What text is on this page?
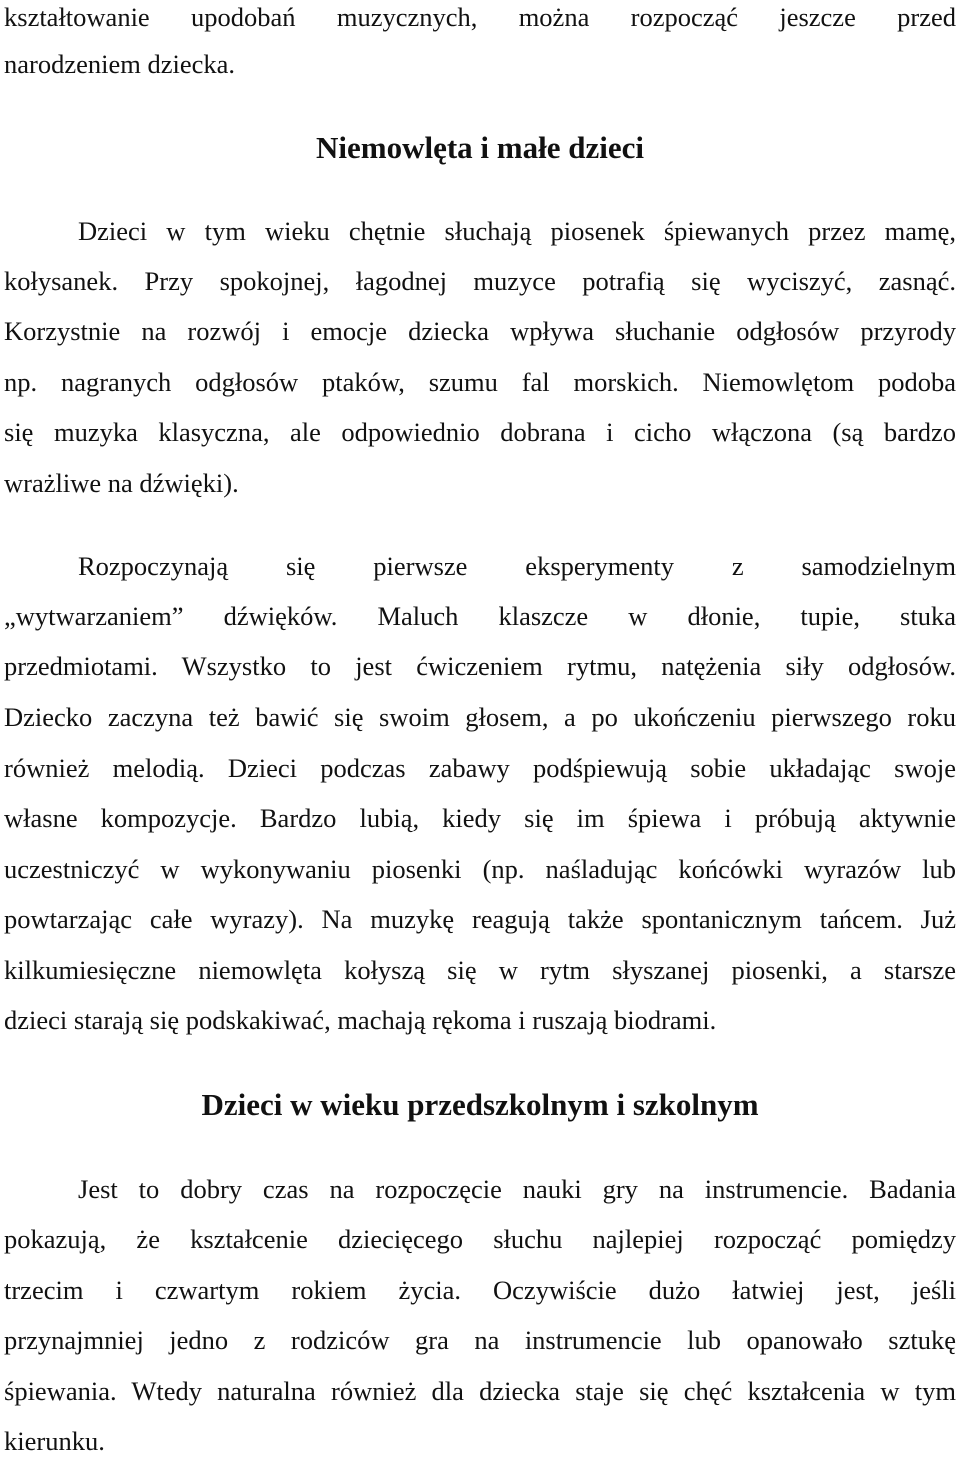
kształtowanie upodobań muzycznych, można rozpocząć jeszcze przed
narodzeniem dziecka.
Niemowlęta i małe dzieci
Dzieci w tym wieku chętnie słuchają piosenek śpiewanych przez mamę,
kołysanek. Przy spokojnej, łagodnej muzyce potrafią się wyciszyć, zasnąć.
Korzystnie na rozwój i emocje dziecka wpływa słuchanie odgłosów przyrody
np. nagranych odgłosów ptaków, szumu fal morskich. Niemowlętom podoba
się muzyka klasyczna, ale odpowiednio dobrana i cicho włączona (są bardzo
wrażliwe na dźwięki).
Rozpoczynają się pierwsze eksperymenty z samodzielnym
„wytwarzaniem” dźwięków. Maluch klaszcze w dłonie, tupie, stuka
przedmiotami. Wszystko to jest ćwiczeniem rytmu, natężenia siły odgłosów.
Dziecko zaczyna też bawić się swoim głosem, a po ukończeniu pierwszego roku
również melodią. Dzieci podczas zabawy podśpiewują sobie układając swoje
własne kompozycje. Bardzo lubią, kiedy się im śpiewa i próbują aktywnie
uczestniczyć w wykonywaniu piosenki (np. naśladując końcówki wyrazów lub
powtarzając całe wyrazy). Na muzykę reagują także spontanicznym tańcem. Już
kilkumiesięczne niemowlęta kołyszą się w rytm słyszanej piosenki, a starsze
dzieci starają się podskakiwać, machają rękoma i ruszają biodrami.
Dzieci w wieku przedszkolnym i szkolnym
Jest to dobry czas na rozpoczęcie nauki gry na instrumencie. Badania
pokazują, że kształcenie dziecięcego słuchu najlepiej rozpocząć pomiędzy
trzecim i czwartym rokiem życia. Oczywiście dużo łatwiej jest, jeśli
przynajmniej jedno z rodziców gra na instrumencie lub opanowało sztukę
śpiewania. Wtedy naturalna również dla dziecka staje się chęć kształcenia w tym
kierunku.
